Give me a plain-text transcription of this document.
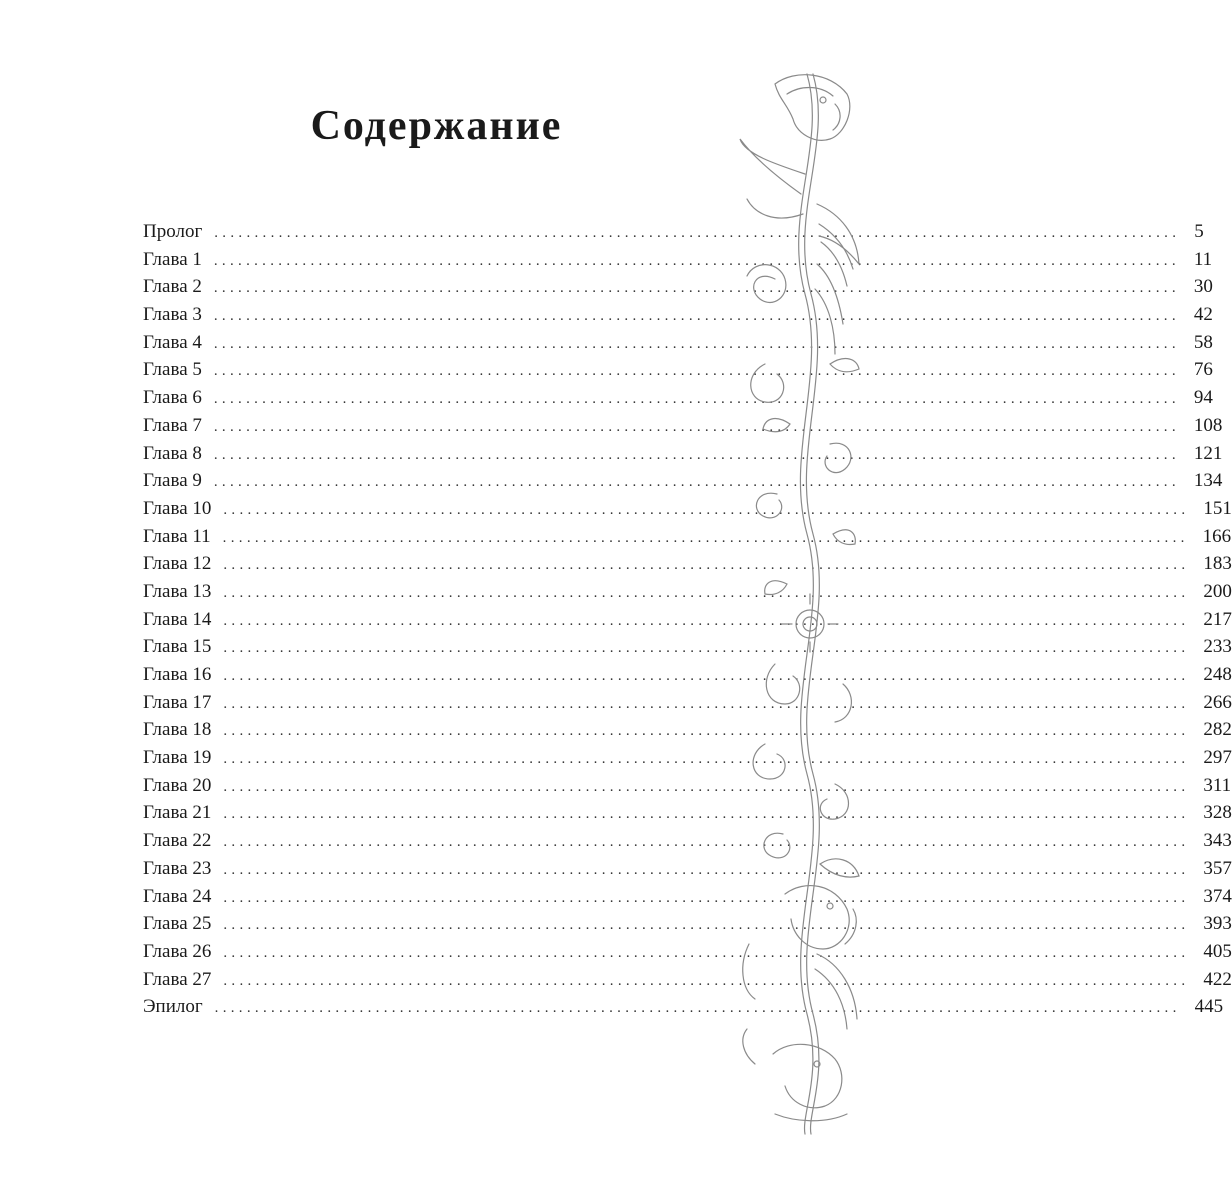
Содержание
Пролог ........................................................................................................................ 5
Глава 1 ........................................................................................................................ 11
Глава 2 ........................................................................................................................ 30
Глава 3 ........................................................................................................................ 42
Глава 4 ........................................................................................................................ 58
Глава 5 ........................................................................................................................ 76
Глава 6 ........................................................................................................................ 94
Глава 7 ........................................................................................................................ 108
Глава 8 ........................................................................................................................ 121
Глава 9 ........................................................................................................................ 134
Глава 10 ........................................................................................................................ 151
Глава 11 ........................................................................................................................ 166
Глава 12 ........................................................................................................................ 183
Глава 13 ........................................................................................................................ 200
Глава 14 ........................................................................................................................ 217
Глава 15 ........................................................................................................................ 233
Глава 16 ........................................................................................................................ 248
Глава 17 ........................................................................................................................ 266
Глава 18 ........................................................................................................................ 282
Глава 19 ........................................................................................................................ 297
Глава 20 ........................................................................................................................ 311
Глава 21 ........................................................................................................................ 328
Глава 22 ........................................................................................................................ 343
Глава 23 ........................................................................................................................ 357
Глава 24 ........................................................................................................................ 374
Глава 25 ........................................................................................................................ 393
Глава 26 ........................................................................................................................ 405
Глава 27 ........................................................................................................................ 422
Эпилог ........................................................................................................................ 445
